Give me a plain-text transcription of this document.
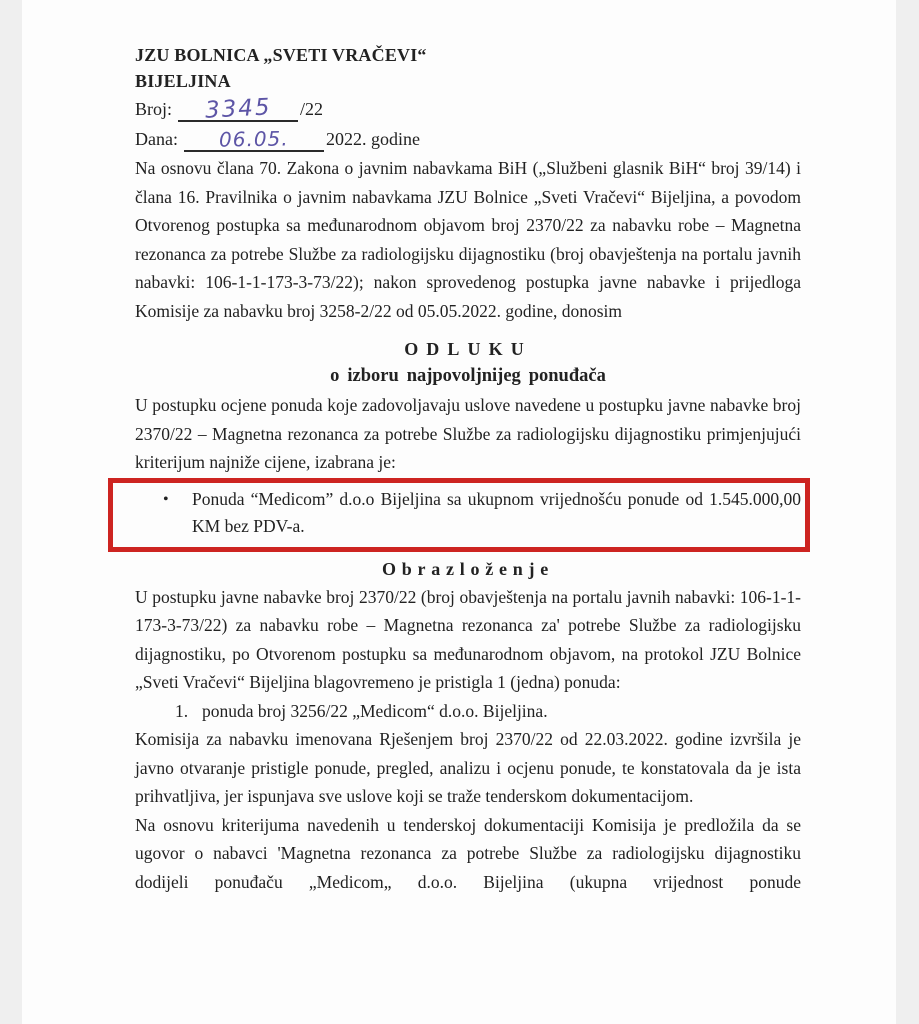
JZU BOLNICA „SVETI VRAČEVI“
BIJELJINA
Broj: 3345 /22
Dana: 06.05. 2022. godine

Na osnovu člana 70. Zakona o javnim nabavkama BiH („Službeni glasnik BiH“ broj 39/14) i člana 16. Pravilnika o javnim nabavkama JZU Bolnice „Sveti Vračevi“ Bijeljina, a povodom Otvorenog postupka sa međunarodnom objavom broj 2370/22 za nabavku robe – Magnetna rezonanca za potrebe Službe za radiologijsku dijagnostiku (broj obavještenja na portalu javnih nabavki: 106-1-1-173-3-73/22); nakon sprovedenog postupka javne nabavke i prijedloga Komisije za nabavku broj 3258-2/22 od 05.05.2022. godine, donosim

ODLUKU
o izboru najpovoljnijeg ponuđača

U postupku ocjene ponuda koje zadovoljavaju uslove navedene u postupku javne nabavke broj 2370/22 – Magnetna rezonanca za potrebe Službe za radiologijsku dijagnostiku primjenjujući kriterijum najniže cijene, izabrana je:

•	Ponuda “Medicom” d.o.o Bijeljina sa ukupnom vrijednošću ponude od 1.545.000,00 KM bez PDV-a.
Obrazloženje

U postupku javne nabavke broj 2370/22 (broj obavještenja na portalu javnih nabavki: 106-1-1-173-3-73/22) za nabavku robe – Magnetna rezonanca za' potrebe Službe za radiologijsku dijagnostiku, po Otvorenom postupku sa međunarodnom objavom, na protokol JZU Bolnice „Sveti Vračevi“ Bijeljina blagovremeno je pristigla 1 (jedna) ponuda:

1. ponuda broj 3256/22 „Medicom“ d.o.o. Bijeljina.

Komisija za nabavku imenovana Rješenjem broj 2370/22 od 22.03.2022. godine izvršila je javno otvaranje pristigle ponude, pregled, analizu i ocjenu ponude, te konstatovala da je ista prihvatljiva, jer ispunjava sve uslove koji se traže tenderskom dokumentacijom.

Na osnovu kriterijuma navedenih u tenderskoj dokumentaciji Komisija je predložila da se ugovor o nabavci 'Magnetna rezonanca za potrebe Službe za radiologijsku dijagnostiku dodijeli ponuđaču „Medicom„ d.o.o. Bijeljina (ukupna vrijednost ponude
